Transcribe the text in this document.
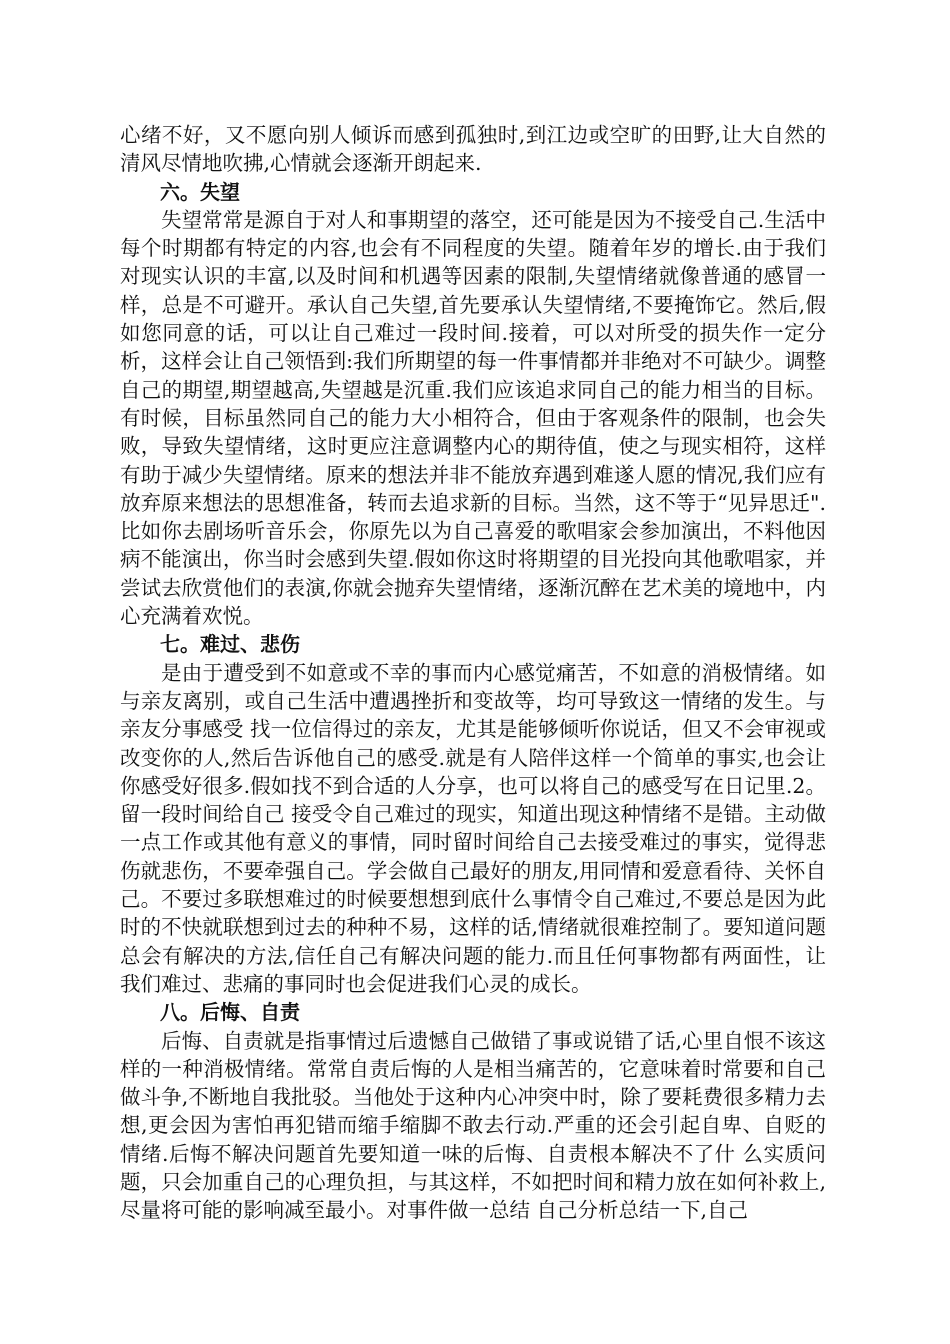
心绪不好，又不愿向别人倾诉而感到孤独时,到江边或空旷的田野,让大自然的清风尽情地吹拂,心情就会逐渐开朗起来.

六。失望

失望常常是源自于对人和事期望的落空，还可能是因为不接受自己.生活中每个时期都有特定的内容,也会有不同程度的失望。随着年岁的增长.由于我们对现实认识的丰富,以及时间和机遇等因素的限制,失望情绪就像普通的感冒一样，总是不可避开。承认自己失望,首先要承认失望情绪,不要掩饰它。然后,假如您同意的话，可以让自己难过一段时间.接着，可以对所受的损失作一定分析，这样会让自己领悟到:我们所期望的每一件事情都并非绝对不可缺少。调整自己的期望,期望越高,失望越是沉重.我们应该追求同自己的能力相当的目标。有时候，目标虽然同自己的能力大小相符合，但由于客观条件的限制，也会失败，导致失望情绪，这时更应注意调整内心的期待值，使之与现实相符，这样有助于减少失望情绪。原来的想法并非不能放弃遇到难遂人愿的情况,我们应有放弃原来想法的思想准备，转而去追求新的目标。当然，这不等于“见异思迁".比如你去剧场听音乐会，你原先以为自己喜爱的歌唱家会参加演出，不料他因病不能演出，你当时会感到失望.假如你这时将期望的目光投向其他歌唱家，并尝试去欣赏他们的表演,你就会抛弃失望情绪，逐渐沉醉在艺术美的境地中，内心充满着欢悦。

七。难过、悲伤

是由于遭受到不如意或不幸的事而内心感觉痛苦，不如意的消极情绪。如与亲友离别，或自己生活中遭遇挫折和变故等，均可导致这一情绪的发生。与亲友分事感受 找一位信得过的亲友，尤其是能够倾听你说话，但又不会审视或改变你的人,然后告诉他自己的感受.就是有人陪伴这样一个简单的事实,也会让你感受好很多.假如找不到合适的人分享，也可以将自己的感受写在日记里.2。留一段时间给自己 接受令自己难过的现实，知道出现这种情绪不是错。主动做一点工作或其他有意义的事情，同时留时间给自己去接受难过的事实，觉得悲伤就悲伤，不要牵强自己。学会做自己最好的朋友,用同情和爱意看待、关怀自己。不要过多联想难过的时候要想想到底什么事情令自己难过,不要总是因为此时的不快就联想到过去的种种不易，这样的话,情绪就很难控制了。要知道问题总会有解决的方法,信任自己有解决问题的能力.而且任何事物都有两面性，让我们难过、悲痛的事同时也会促进我们心灵的成长。

八。后悔、自责

后悔、自责就是指事情过后遗憾自己做错了事或说错了话,心里自恨不该这样的一种消极情绪。常常自责后悔的人是相当痛苦的，它意味着时常要和自己做斗争,不断地自我批驳。当他处于这种内心冲突中时，除了要耗费很多精力去想,更会因为害怕再犯错而缩手缩脚不敢去行动.严重的还会引起自卑、自贬的情绪.后悔不解决问题首先要知道一味的后悔、自责根本解决不了什 么实质问题，只会加重自己的心理负担，与其这样，不如把时间和精力放在如何补救上,尽量将可能的影响减至最小。对事件做一总结 自己分析总结一下,自己
